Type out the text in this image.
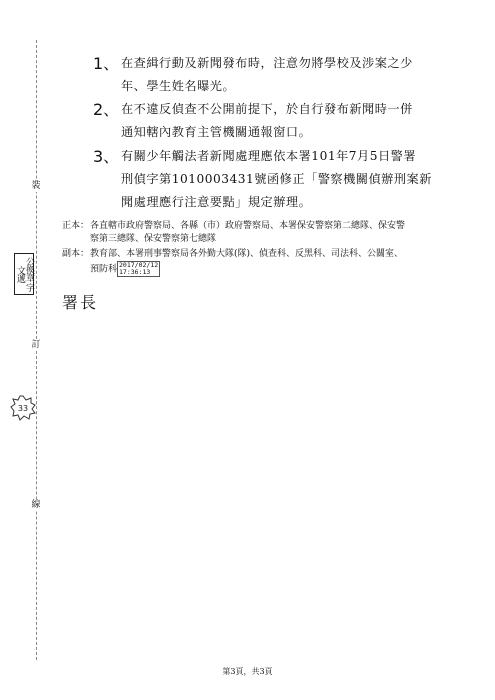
裝
訂
線
公換章 字文遞
33
1、 在查緝行動及新聞發布時，注意勿將學校及涉案之少
年、學生姓名曝光。
2、 在不違反偵查不公開前提下，於自行發布新聞時一併
通知轄內教育主管機關通報窗口。
3、 有關少年觸法者新聞處理應依本署101年7月5日警署
刑偵字第1010003431號函修正「警察機關偵辦刑案新
聞處理應行注意要點」規定辦理。
正本： 各直轄市政府警察局、各縣（市）政府警察局、本署保安警察第二總隊、保安警
察第三總隊、保安警察第七總隊
副本： 教育部、本署刑事警察局各外勤大隊(隊)、偵查科、反黑科、司法科、公關室、
預防科 2017/02/12
17:36:13
署長
第3頁，共3頁
